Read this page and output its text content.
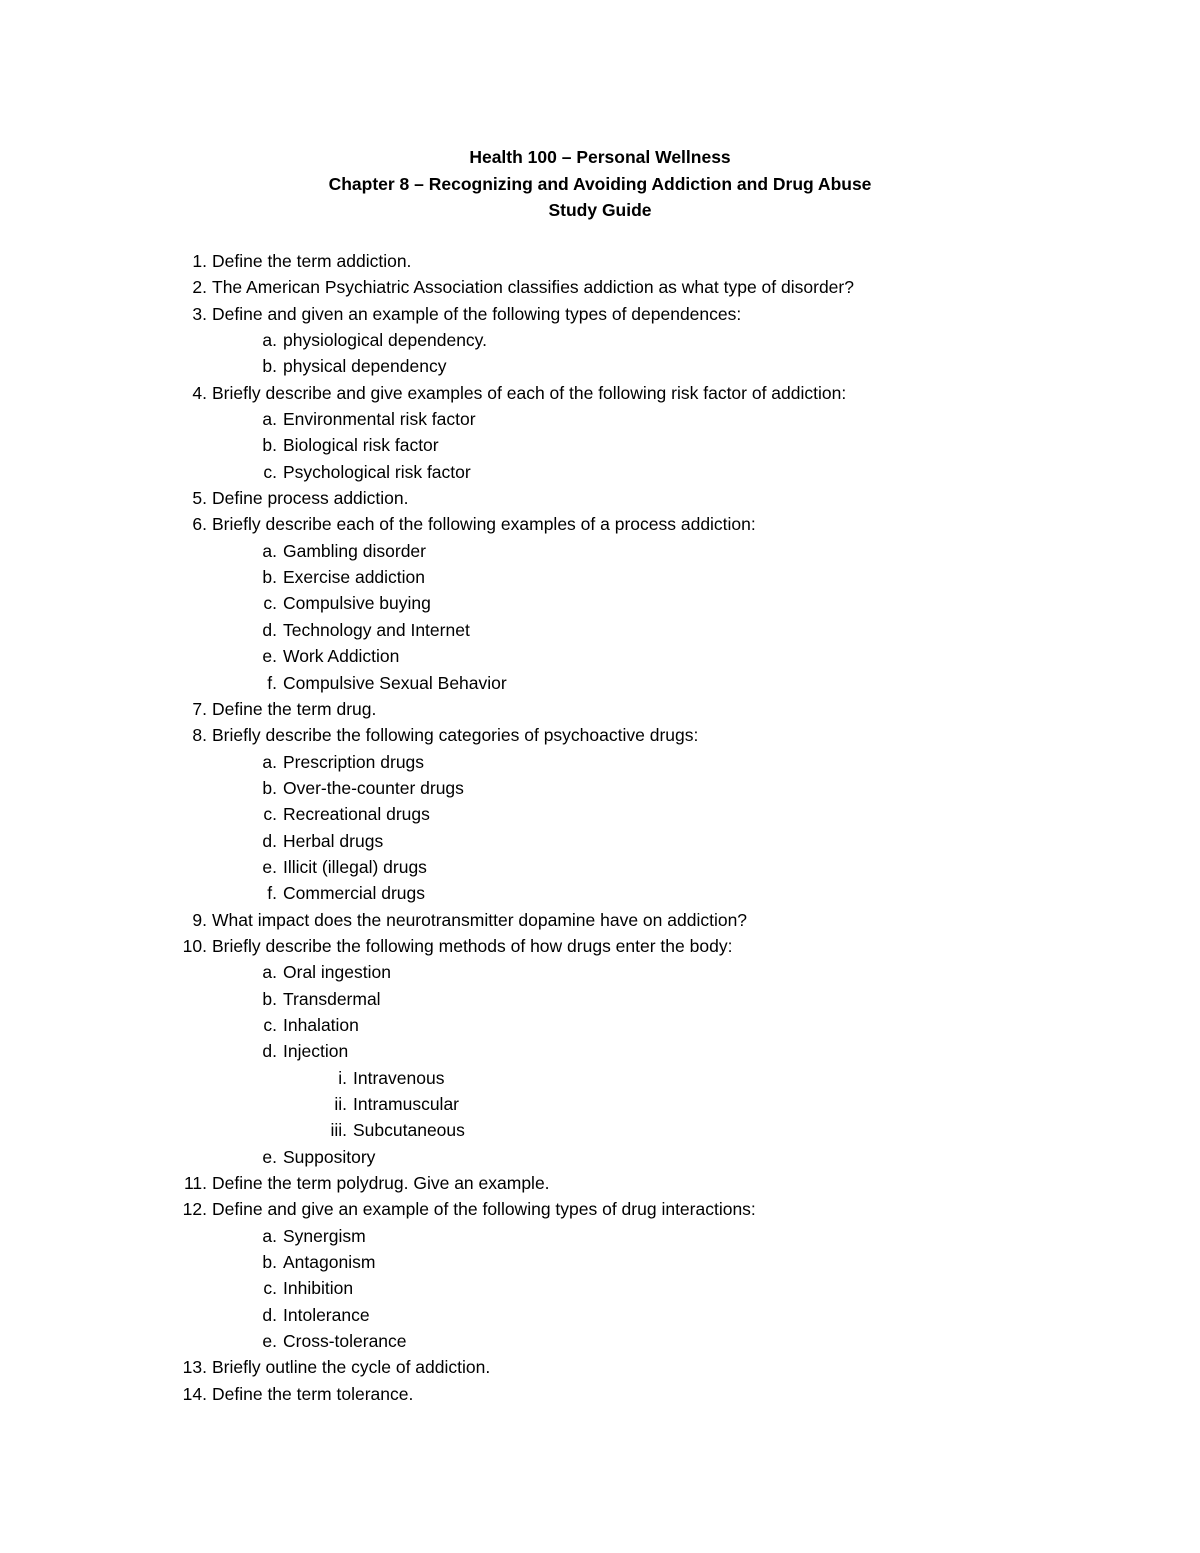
Health 100 – Personal Wellness
Chapter 8 – Recognizing and Avoiding Addiction and Drug Abuse
Study Guide
1. Define the term addiction.
2. The American Psychiatric Association classifies addiction as what type of disorder?
3. Define and given an example of the following types of dependences:
a. physiological dependency.
b. physical dependency
4. Briefly describe and give examples of each of the following risk factor of addiction:
a. Environmental risk factor
b. Biological risk factor
c. Psychological risk factor
5. Define process addiction.
6. Briefly describe each of the following examples of a process addiction:
a. Gambling disorder
b. Exercise addiction
c. Compulsive buying
d. Technology and Internet
e. Work Addiction
f. Compulsive Sexual Behavior
7. Define the term drug.
8. Briefly describe the following categories of psychoactive drugs:
a. Prescription drugs
b. Over-the-counter drugs
c. Recreational drugs
d. Herbal drugs
e. Illicit (illegal) drugs
f. Commercial drugs
9. What impact does the neurotransmitter dopamine have on addiction?
10. Briefly describe the following methods of how drugs enter the body:
a. Oral ingestion
b. Transdermal
c. Inhalation
d. Injection
i. Intravenous
ii. Intramuscular
iii. Subcutaneous
e. Suppository
11. Define the term polydrug. Give an example.
12. Define and give an example of the following types of drug interactions:
a. Synergism
b. Antagonism
c. Inhibition
d. Intolerance
e. Cross-tolerance
13. Briefly outline the cycle of addiction.
14. Define the term tolerance.
